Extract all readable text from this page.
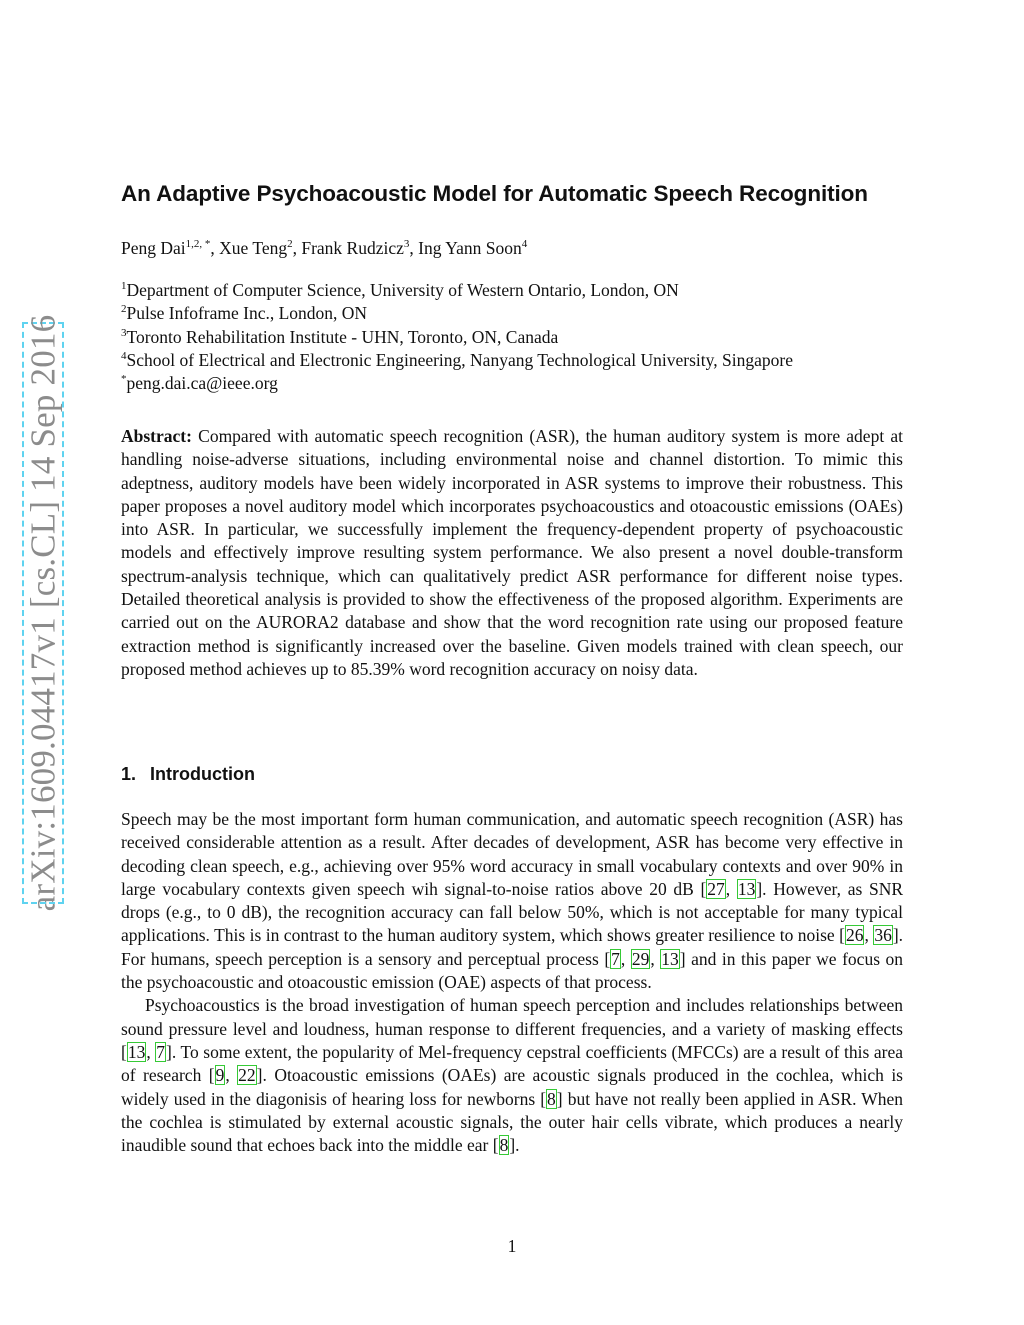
arXiv:1609.04417v1 [cs.CL] 14 Sep 2016
An Adaptive Psychoacoustic Model for Automatic Speech Recognition
Peng Dai$^{1,2, *}$, Xue Teng$^2$, Frank Rudzicz$^3$, Ing Yann Soon$^4$
$^1$Department of Computer Science, University of Western Ontario, London, ON
$^2$Pulse Infoframe Inc., London, ON
$^3$Toronto Rehabilitation Institute - UHN, Toronto, ON, Canada
$^4$School of Electrical and Electronic Engineering, Nanyang Technological University, Singapore
*peng.dai.ca@ieee.org
Abstract: Compared with automatic speech recognition (ASR), the human auditory system is more adept at handling noise-adverse situations, including environmental noise and channel distortion. To mimic this adeptness, auditory models have been widely incorporated in ASR systems to improve their robustness. This paper proposes a novel auditory model which incorporates psychoacoustics and otoacoustic emissions (OAEs) into ASR. In particular, we successfully implement the frequency-dependent property of psychoacoustic models and effectively improve resulting system performance. We also present a novel double-transform spectrum-analysis technique, which can qualitatively predict ASR performance for different noise types. Detailed theoretical analysis is provided to show the effectiveness of the proposed algorithm. Experiments are carried out on the AURORA2 database and show that the word recognition rate using our proposed feature extraction method is significantly increased over the baseline. Given models trained with clean speech, our proposed method achieves up to 85.39% word recognition accuracy on noisy data.
1. Introduction

Speech may be the most important form human communication, and automatic speech recognition (ASR) has received considerable attention as a result. After decades of development, ASR has become very effective in decoding clean speech, e.g., achieving over 95% word accuracy in small vocabulary contexts and over 90% in large vocabulary contexts given speech wih signal-to-noise ratios above 20 dB [27, 13]. However, as SNR drops (e.g., to 0 dB), the recognition accuracy can fall below 50%, which is not acceptable for many typical applications. This is in contrast to the human auditory system, which shows greater resilience to noise [26, 36]. For humans, speech perception is a sensory and perceptual process [7, 29, 13] and in this paper we focus on the psychoacoustic and otoacoustic emission (OAE) aspects of that process.

Psychoacoustics is the broad investigation of human speech perception and includes relationships between sound pressure level and loudness, human response to different frequencies, and a variety of masking effects [13, 7]. To some extent, the popularity of Mel-frequency cepstral coefficients (MFCCs) are a result of this area of research [9, 22]. Otoacoustic emissions (OAEs) are acoustic signals produced in the cochlea, which is widely used in the diagonisis of hearing loss for newborns [8] but have not really been applied in ASR. When the cochlea is stimulated by external acoustic signals, the outer hair cells vibrate, which produces a nearly inaudible sound that echoes back into the middle ear [8].

1
